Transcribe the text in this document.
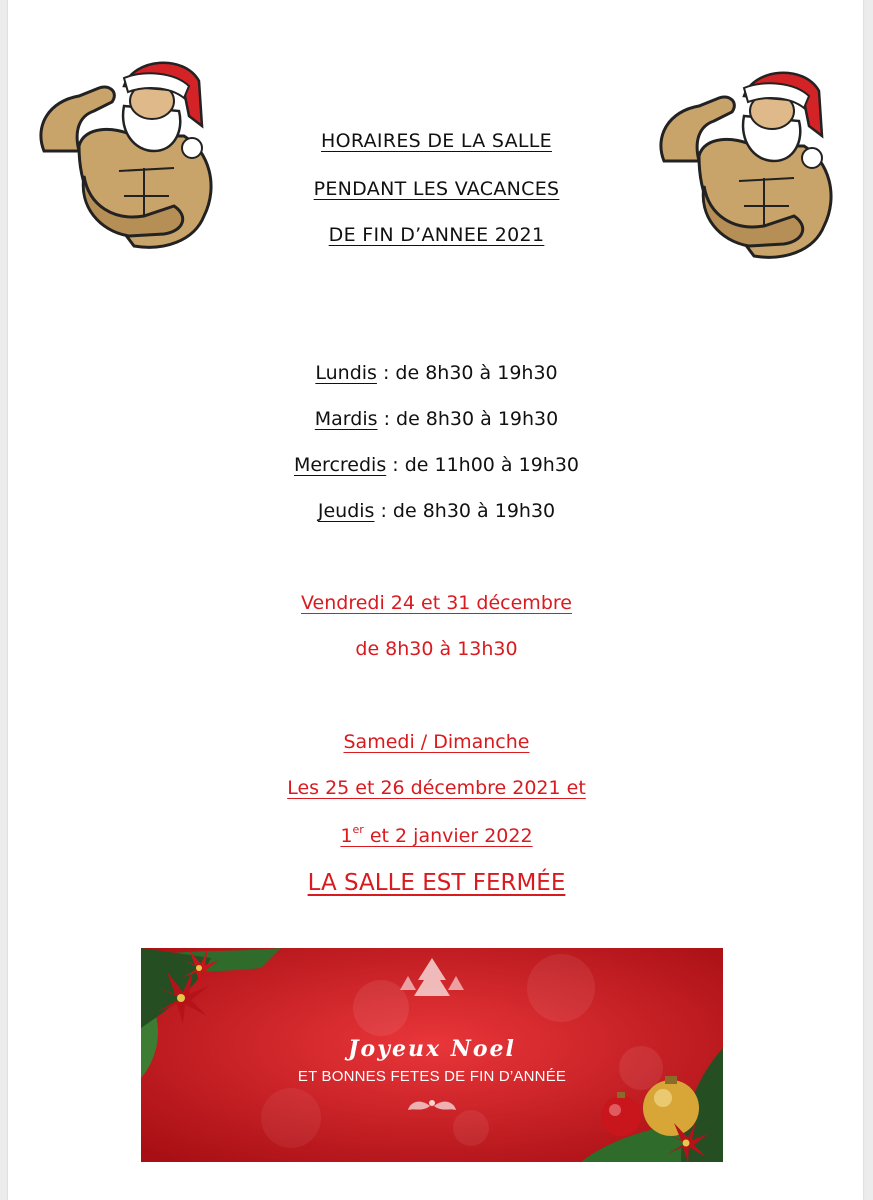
HORAIRES DE LA SALLE
PENDANT LES VACANCES
DE FIN D’ANNEE 2021
Lundis : de 8h30 à 19h30
Mardis : de 8h30 à 19h30
Mercredis : de 11h00 à 19h30
Jeudis : de 8h30 à 19h30
Vendredi 24 et 31 décembre
de 8h30 à 13h30
Samedi / Dimanche
Les 25 et 26 décembre 2021 et
1er et 2 janvier 2022
LA SALLE EST FERMÉE
Joyeux Noel
ET BONNES FETES DE FIN D’ANNÉE
